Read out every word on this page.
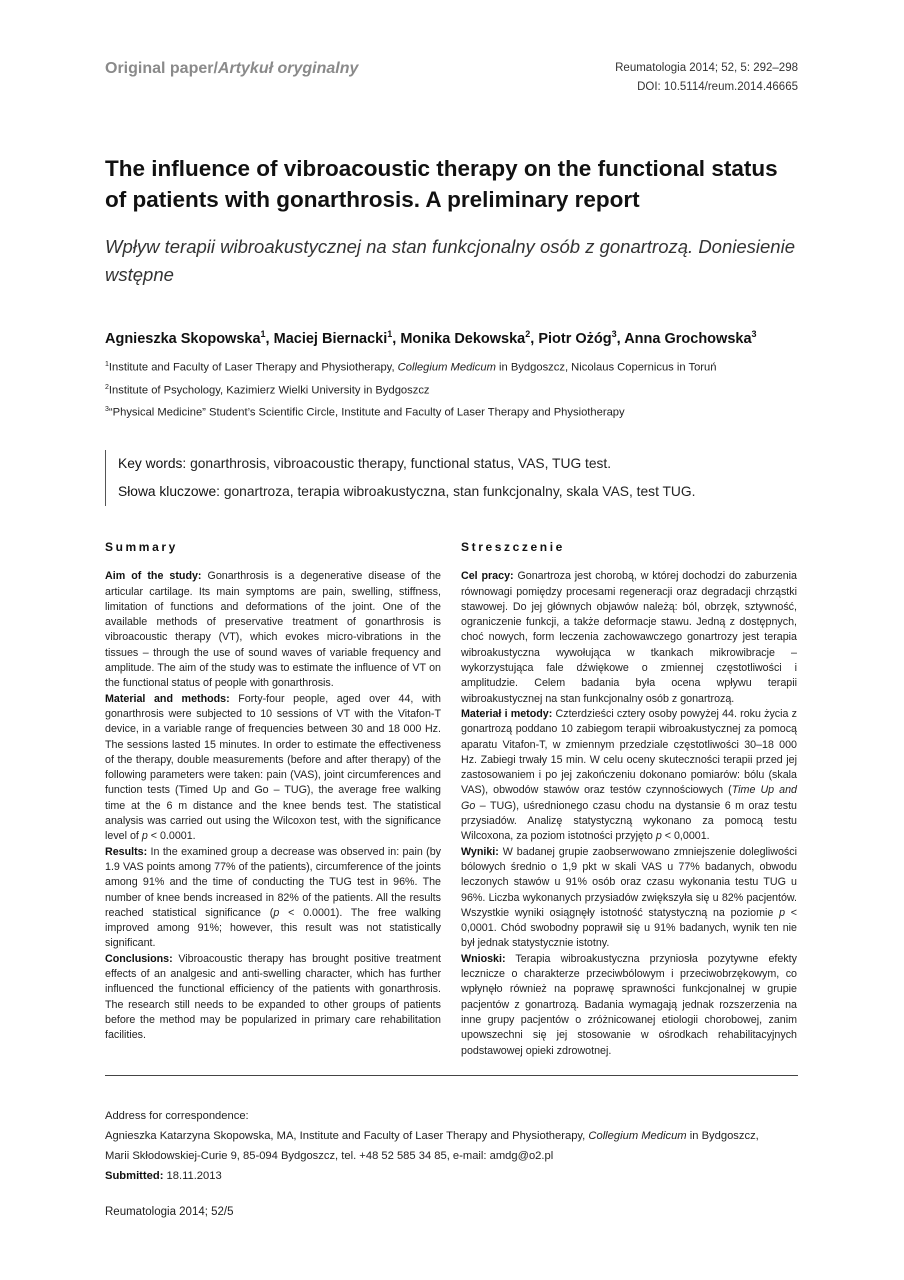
Original paper/Artykuł oryginalny	Reumatologia 2014; 52, 5: 292–298
DOI: 10.5114/reum.2014.46665
The influence of vibroacoustic therapy on the functional status of patients with gonarthrosis. A preliminary report

Wpływ terapii wibroakustycznej na stan funkcjonalny osób z gonartrozą. Doniesienie wstępne

Agnieszka Skopowska$^1$, Maciej Biernacki$^1$, Monika Dekowska$^2$, Piotr Ożóg$^3$, Anna Grochowska$^3$
$^1$Institute and Faculty of Laser Therapy and Physiotherapy, Collegium Medicum in Bydgoszcz, Nicolaus Copernicus in Toruń
$^2$Institute of Psychology, Kazimierz Wielki University in Bydgoszcz
$^3$“Physical Medicine” Student’s Scientific Circle, Institute and Faculty of Laser Therapy and Physiotherapy
Key words: gonarthrosis, vibroacoustic therapy, functional status, VAS, TUG test.
Słowa kluczowe: gonartroza, terapia wibroakustyczna, stan funkcjonalny, skala VAS, test TUG.
Summary

Aim of the study: Gonarthrosis is a degenerative disease of the articular cartilage. Its main symptoms are pain, swelling, stiffness, limitation of functions and deformations of the joint. One of the available methods of preservative treatment of gonarthrosis is vibroacoustic therapy (VT), which evokes micro-vibrations in the tissues – through the use of sound waves of variable frequency and amplitude. The aim of the study was to estimate the influence of VT on the functional status of people with gonarthrosis.

Material and methods: Forty-four people, aged over 44, with gonarthrosis were subjected to 10 sessions of VT with the Vitafon-T device, in a variable range of frequencies between 30 and 18 000 Hz. The sessions lasted 15 minutes. In order to estimate the effectiveness of the therapy, double measurements (before and after therapy) of the following parameters were taken: pain (VAS), joint circumferences and function tests (Timed Up and Go – TUG), the average free walking time at the 6 m distance and the knee bends test. The statistical analysis was carried out using the Wilcoxon test, with the significance level of p < 0.0001.

Results: In the examined group a decrease was observed in: pain (by 1.9 VAS points among 77% of the patients), circumference of the joints among 91% and the time of conducting the TUG test in 96%. The number of knee bends increased in 82% of the patients. All the results reached statistical significance (p < 0.0001). The free walking improved among 91%; however, this result was not statistically significant.

Conclusions: Vibroacoustic therapy has brought positive treatment effects of an analgesic and anti-swelling character, which has further influenced the functional efficiency of the patients with gonarthrosis. The research still needs to be expanded to other groups of patients before the method may be popularized in primary care rehabilitation facilities.

Streszczenie

Cel pracy: Gonartroza jest chorobą, w której dochodzi do zaburzenia równowagi pomiędzy procesami regeneracji oraz degradacji chrząstki stawowej. Do jej głównych objawów należą: ból, obrzęk, sztywność, ograniczenie funkcji, a także deformacje stawu. Jedną z dostępnych, choć nowych, form leczenia zachowawczego gonartrozy jest terapia wibroakustyczna wywołująca w tkankach mikrowibracje – wykorzystująca fale dźwiękowe o zmiennej częstotliwości i amplitudzie. Celem badania była ocena wpływu terapii wibroakustycznej na stan funkcjonalny osób z gonartrozą.

Materiał i metody: Czterdzieści cztery osoby powyżej 44. roku życia z gonartrozą poddano 10 zabiegom terapii wibroakustycznej za pomocą aparatu Vitafon-T, w zmiennym przedziale częstotliwości 30–18 000 Hz. Zabiegi trwały 15 min. W celu oceny skuteczności terapii przed jej zastosowaniem i po jej zakończeniu dokonano pomiarów: bólu (skala VAS), obwodów stawów oraz testów czynnościowych (Time Up and Go – TUG), uśrednionego czasu chodu na dystansie 6 m oraz testu przysiadów. Analizę statystyczną wykonano za pomocą testu Wilcoxona, za poziom istotności przyjęto p < 0,0001.

Wyniki: W badanej grupie zaobserwowano zmniejszenie dolegliwości bólowych średnio o 1,9 pkt w skali VAS u 77% badanych, obwodu leczonych stawów u 91% osób oraz czasu wykonania testu TUG u 96%. Liczba wykonanych przysiadów zwiększyła się u 82% pacjentów. Wszystkie wyniki osiągnęły istotność statystyczną na poziomie p < 0,0001. Chód swobodny poprawił się u 91% badanych, wynik ten nie był jednak statystycznie istotny.

Wnioski: Terapia wibroakustyczna przyniosła pozytywne efekty lecznicze o charakterze przeciwbólowym i przeciwobrzękowym, co wpłynęło również na poprawę sprawności funkcjonalnej w grupie pacjentów z gonartrozą. Badania wymagają jednak rozszerzenia na inne grupy pacjentów o zróżnicowanej etiologii chorobowej, zanim upowszechni się jej stosowanie w ośrodkach rehabilitacyjnych podstawowej opieki zdrowotnej.

Address for correspondence:
Agnieszka Katarzyna Skopowska, MA, Institute and Faculty of Laser Therapy and Physiotherapy, Collegium Medicum in Bydgoszcz,
Marii Skłodowskiej-Curie 9, 85-094 Bydgoszcz, tel. +48 52 585 34 85, e-mail: amdg@o2.pl
Submitted: 18.11.2013
Reumatologia 2014; 52/5
